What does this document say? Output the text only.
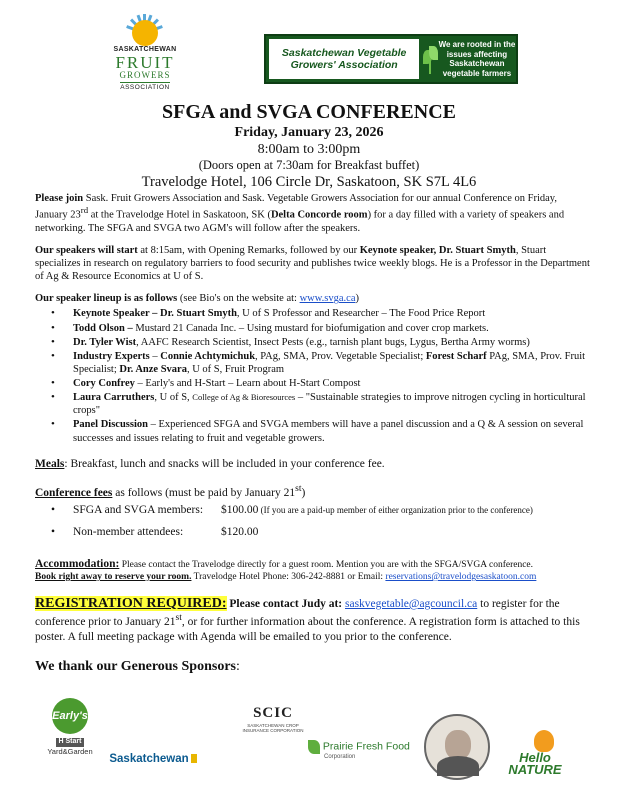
SASKATCHEWAN
FRUIT
GROWERS
ASSOCIATION
Saskatchewan Vegetable
Growers' Association
We are rooted in the
issues affecting
Saskatchewan
vegetable farmers
SFGA and SVGA CONFERENCE
Friday, January 23, 2026
8:00am to 3:00pm
(Doors open at 7:30am for Breakfast buffet)
Travelodge Hotel, 106 Circle Dr, Saskatoon, SK S7L 4L6

Please join Sask. Fruit Growers Association and Sask. Vegetable Growers Association for our annual Conference on Friday, January 23rd at the Travelodge Hotel in Saskatoon, SK (Delta Concorde room) for a day filled with a variety of speakers and networking. The SFGA and SVGA two AGM's will follow after the speakers.

Our speakers will start at 8:15am, with Opening Remarks, followed by our Keynote speaker, Dr. Stuart Smyth, Stuart specializes in research on regulatory barriers to food security and publishes twice weekly blogs. He is a Professor in the Department of Ag & Resource Economics at U of S.

Our speaker lineup is as follows (see Bio's on the website at: www.svga.ca)
• Keynote Speaker – Dr. Stuart Smyth, U of S Professor and Researcher – The Food Price Report
• Todd Olson – Mustard 21 Canada Inc. – Using mustard for biofumigation and cover crop markets.
• Dr. Tyler Wist, AAFC Research Scientist, Insect Pests (e.g., tarnish plant bugs, Lygus, Bertha Army worms)
• Industry Experts – Connie Achtymichuk, PAg, SMA, Prov. Vegetable Specialist; Forest Scharf PAg, SMA, Prov. Fruit Specialist; Dr. Anze Svara, U of S, Fruit Program
• Cory Confrey – Early's and H-Start – Learn about H-Start Compost
• Laura Carruthers, U of S, College of Ag & Bioresources – "Sustainable strategies to improve nitrogen cycling in horticultural crops"
• Panel Discussion – Experienced SFGA and SVGA members will have a panel discussion and a Q & A session on several successes and issues relating to fruit and vegetable growers.
Meals: Breakfast, lunch and snacks will be included in your conference fee.
Conference fees as follows (must be paid by January 21st)
• SFGA and SVGA members: $100.00 (If you are a paid-up member of either organization prior to the conference)
• Non-member attendees:	$120.00
Accommodation: Please contact the Travelodge directly for a guest room. Mention you are with the SFGA/SVGA conference.
Book right away to reserve your room. Travelodge Hotel Phone: 306-242-8881 or Email: reservations@travelodgesaskatoon.com
REGISTRATION REQUIRED: Please contact Judy at: saskvegetable@agcouncil.ca to register for the conference prior to January 21st, or for further information about the conference. A registration form is attached to this poster. A full meeting package with Agenda will be emailed to you prior to the conference.
We thank our Generous Sponsors:
Early's
H Start
Yard&Garden
Saskatchewan
SCIC
SASKATCHEWAN CROP INSURANCE CORPORATION
Prairie Fresh Food
Corporation	Hello
NATURE
